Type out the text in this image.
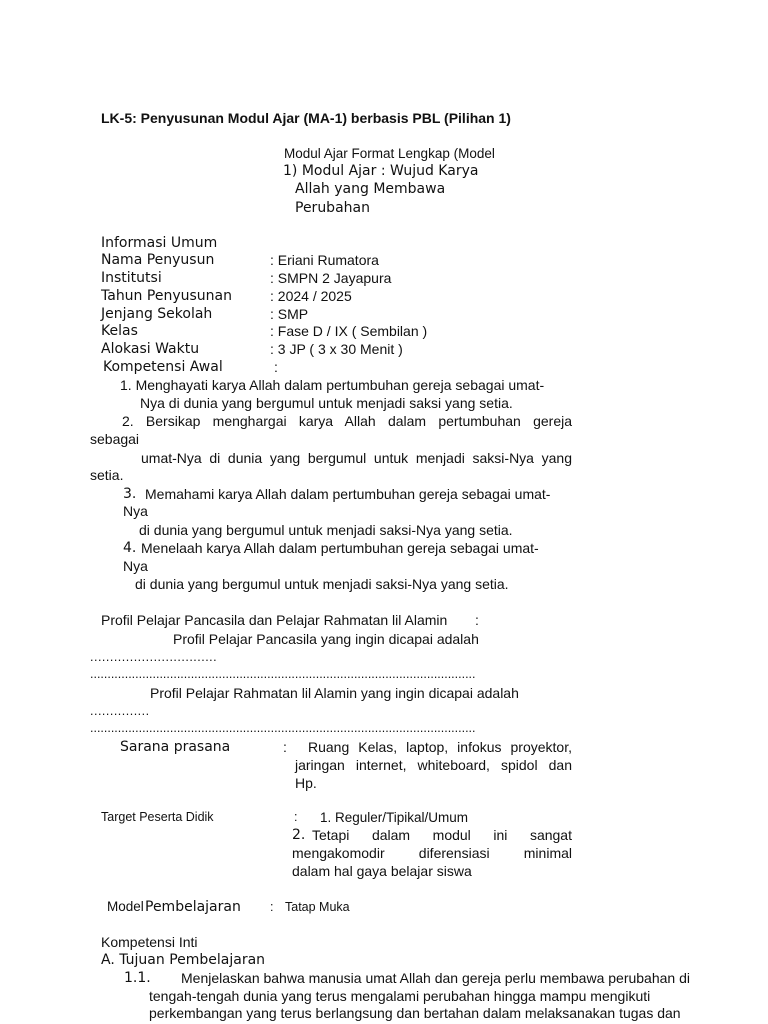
LK-5: Penyusunan Modul Ajar (MA-1) berbasis PBL (Pilihan 1)
Modul Ajar Format Lengkap (Model
1) Modul Ajar : Wujud Karya
Allah yang Membawa
Perubahan
Informasi Umum
Nama Penyusun	: Eriani Rumatora
Institutsi	: SMPN 2 Jayapura
Tahun Penyusunan	: 2024 / 2025
Jenjang Sekolah	: SMP
Kelas	: Fase D / IX ( Sembilan )
Alokasi Waktu	: 3 JP ( 3 x 30 Menit )
Kompetensi Awal	:
1. Menghayati karya Allah dalam pertumbuhan gereja sebagai umat-
Nya di dunia yang bergumul untuk menjadi saksi yang setia.
2. Bersikap menghargai karya Allah dalam pertumbuhan gereja
sebagai
umat-Nya di dunia yang bergumul untuk menjadi saksi-Nya yang
setia.
3. Memahami karya Allah dalam pertumbuhan gereja sebagai umat-
Nya
di dunia yang bergumul untuk menjadi saksi-Nya yang setia.
4. Menelaah karya Allah dalam pertumbuhan gereja sebagai umat-
Nya
di dunia yang bergumul untuk menjadi saksi-Nya yang setia.
Profil Pelajar Pancasila dan Pelajar Rahmatan lil Alamin :
Profil Pelajar Pancasila yang ingin dicapai adalah
................................
...............................................................................................................
Profil Pelajar Rahmatan lil Alamin yang ingin dicapai adalah
...............
...............................................................................................................
Sarana prasana	: Ruang Kelas, laptop, infokus proyektor,
jaringan internet, whiteboard, spidol dan
Hp.
Target Peserta Didik	: 1. Reguler/Tipikal/Umum
2. Tetapi dalam modul ini sangat
mengakomodir diferensiasi minimal
dalam hal gaya belajar siswa
Model Pembelajaran : Tatap Muka
Kompetensi Inti
A. Tujuan Pembelajaran
1.1. Menjelaskan bahwa manusia umat Allah dan gereja perlu membawa perubahan di
tengah-tengah dunia yang terus mengalami perubahan hingga mampu mengikuti
perkembangan yang terus berlangsung dan bertahan dalam melaksanakan tugas dan
